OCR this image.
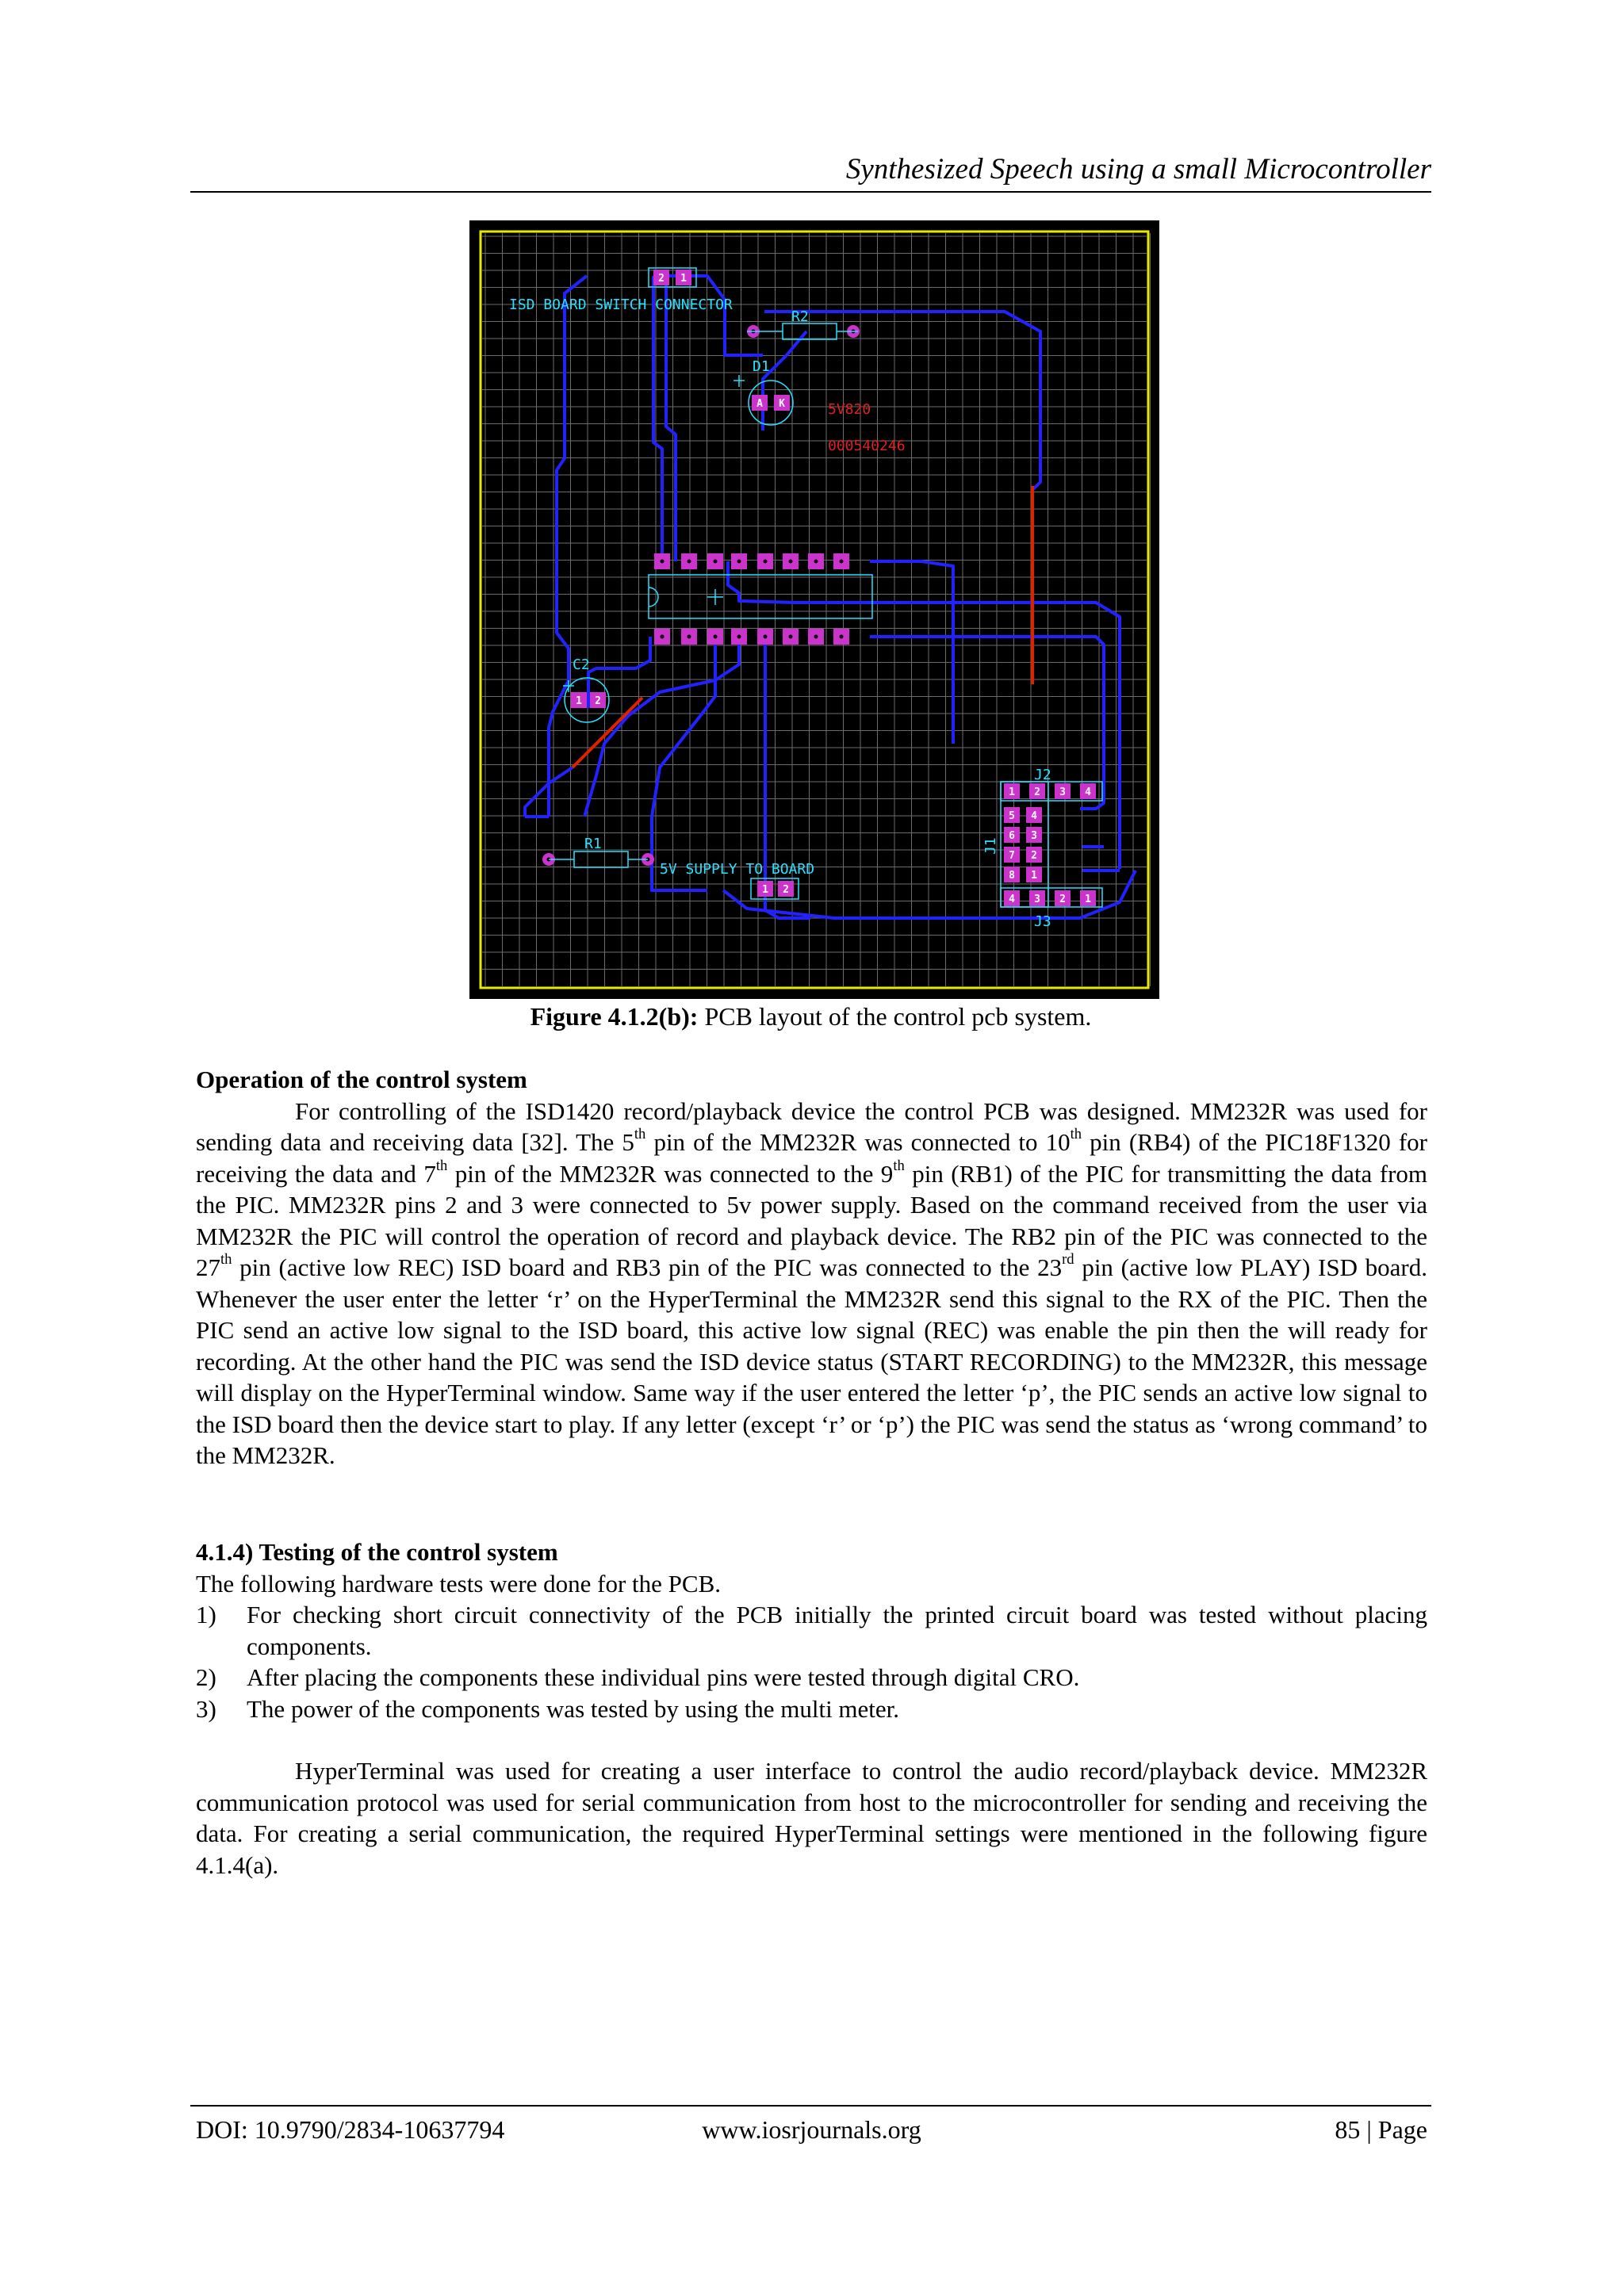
Synthesized Speech using a small Microcontroller
2 1
A K
1 2
1 2
1 2 3 4
5 4
6 3
7 2
8 1
4 3 2 1
ISD BOARD SWITCH CONNECTOR
R2
D1
5V820
000540246
C2
R1
5V SUPPLY TO BOARD
J2
J1
J3
Figure 4.1.2(b): PCB layout of the control pcb system.
Operation of the control system
For controlling of the ISD1420 record/playback device the control PCB was designed. MM232R was used for sending data and receiving data [32]. The 5th pin of the MM232R was connected to 10th pin (RB4) of the PIC18F1320 for receiving the data and 7th pin of the MM232R was connected to the 9th pin (RB1) of the PIC for transmitting the data from the PIC. MM232R pins 2 and 3 were connected to 5v power supply. Based on the command received from the user via MM232R the PIC will control the operation of record and playback device. The RB2 pin of the PIC was connected to the 27th pin (active low REC) ISD board and RB3 pin of the PIC was connected to the 23rd pin (active low PLAY) ISD board. Whenever the user enter the letter ‘r’ on the HyperTerminal the MM232R send this signal to the RX of the PIC. Then the PIC send an active low signal to the ISD board, this active low signal (REC) was enable the pin then the will ready for recording. At the other hand the PIC was send the ISD device status (START RECORDING) to the MM232R, this message will display on the HyperTerminal window. Same way if the user entered the letter ‘p’, the PIC sends an active low signal to the ISD board then the device start to play. If any letter (except ‘r’ or ‘p’) the PIC was send the status as ‘wrong command’ to the MM232R.
4.1.4) Testing of the control system
The following hardware tests were done for the PCB.
1) For checking short circuit connectivity of the PCB initially the printed circuit board was tested without placing components.
2) After placing the components these individual pins were tested through digital CRO.
3) The power of the components was tested by using the multi meter.
HyperTerminal was used for creating a user interface to control the audio record/playback device. MM232R communication protocol was used for serial communication from host to the microcontroller for sending and receiving the data. For creating a serial communication, the required HyperTerminal settings were mentioned in the following figure 4.1.4(a).
DOI: 10.9790/2834-10637794	www.iosrjournals.org	85 | Page
